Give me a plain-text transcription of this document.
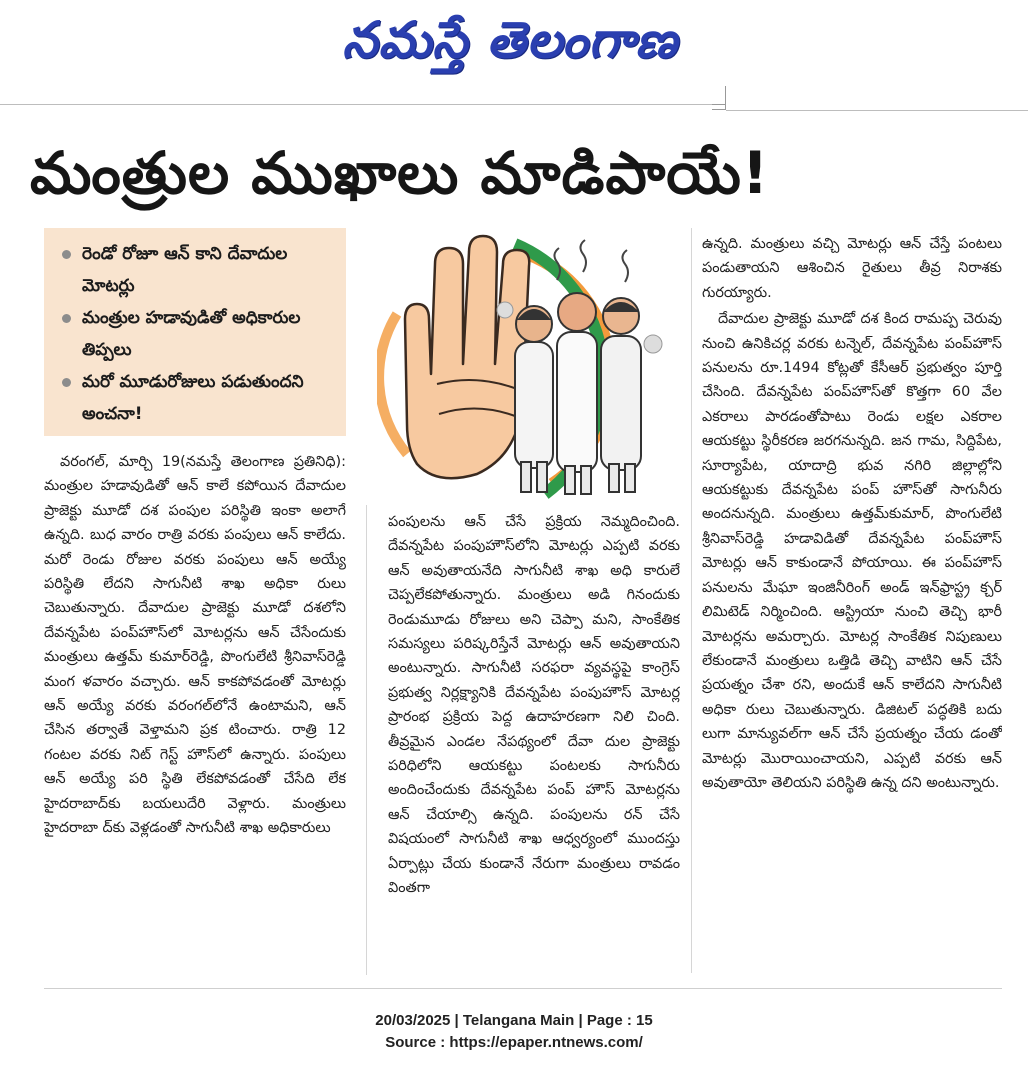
నమస్తే తెలంగాణ
మంత్రుల ముఖాలు మాడిపాయే!
రెండో రోజూ ఆన్ కాని దేవాదుల మోటర్లు
మంత్రుల హడావుడితో అధికారుల తిప్పలు
మరో మూడురోజులు పడుతుందని అంచనా!

వరంగల్, మార్చి 19(నమస్తే తెలంగాణ ప్రతినిధి): మంత్రుల హడావుడితో ఆన్ కాలే కపోయిన దేవాదుల ప్రాజెక్టు మూడో దశ పంపుల పరిస్థితి ఇంకా అలాగే ఉన్నది. బుధ వారం రాత్రి వరకు పంపులు ఆన్ కాలేదు. మరో రెండు రోజుల వరకు పంపులు ఆన్ అయ్యే పరిస్థితి లేదని సాగునీటి శాఖ అధికా రులు చెబుతున్నారు. దేవాదుల ప్రాజెక్టు మూడో దశలోని దేవన్నపేట పంప్‌హౌస్‌లో మోటర్లను ఆన్ చేసేందుకు మంత్రులు ఉత్తమ్ కుమార్‌రెడ్డి, పొంగులేటి శ్రీనివాస్‌రెడ్డి మంగ ళవారం వచ్చారు. ఆన్ కాకపోవడంతో మోటర్లు ఆన్ అయ్యే వరకు వరంగల్‌లోనే ఉంటామని, ఆన్ చేసిన తర్వాతే వెళ్తామని ప్రక టించారు. రాత్రి 12 గంటల వరకు నిట్ గెస్ట్ హౌస్‌లో ఉన్నారు. పంపులు ఆన్ అయ్యే పరి స్థితి లేకపోవడంతో చేసేది లేక హైదరాబాద్‌కు బయలుదేరి వెళ్లారు. మంత్రులు హైదరాబా ద్‌కు వెళ్లడంతో సాగునీటి శాఖ అధికారులు

పంపులను ఆన్ చేసే ప్రక్రియ నెమ్మదించింది. దేవన్నపేట పంపుహౌస్‌లోని మోటర్లు ఎప్పటి వరకు ఆన్ అవుతాయనేది సాగునీటి శాఖ అధి కారులే చెప్పలేకపోతున్నారు. మంత్రులు అడి గినందుకు రెండుమూడు రోజులు అని చెప్పా మని, సాంకేతిక సమస్యలు పరిష్కరిస్తేనే మోటర్లు ఆన్ అవుతాయని అంటున్నారు. సాగునీటి సరఫరా వ్యవస్థపై కాంగ్రెస్ ప్రభుత్వ నిర్లక్ష్యానికి దేవన్నపేట పంపుహౌస్ మోటర్ల ప్రారంభ ప్రక్రియ పెద్ద ఉదాహరణగా నిలి చింది. తీవ్రమైన ఎండల నేపథ్యంలో దేవా దుల ప్రాజెక్టు పరిధిలోని ఆయకట్టు పంటలకు సాగునీరు అందించేందుకు దేవన్నపేట పంప్ హౌస్ మోటర్లను ఆన్ చేయాల్సి ఉన్నది. పంపులను రన్ చేసే విషయంలో సాగునీటి శాఖ ఆధ్వర్యంలో ముందస్తు ఏర్పాట్లు చేయ కుండానే నేరుగా మంత్రులు రావడం వింతగా

ఉన్నది. మంత్రులు వచ్చి మోటర్లు ఆన్ చేస్తే పంటలు పండుతాయని ఆశించిన రైతులు తీవ్ర నిరాశకు గురయ్యారు.

దేవాదుల ప్రాజెక్టు మూడో దశ కింద రామప్ప చెరువు నుంచి ఉనికిచర్ల వరకు టన్నెల్, దేవన్నపేట పంప్‌హౌస్ పనులను రూ.1494 కోట్లతో కేసీఆర్ ప్రభుత్వం పూర్తి చేసింది. దేవన్నపేట పంప్‌హౌస్‌తో కొత్తగా 60 వేల ఎకరాలు పారడంతోపాటు రెండు లక్షల ఎకరాల ఆయకట్టు స్థిరీకరణ జరగనున్నది. జన గామ, సిద్దిపేట, సూర్యాపేట, యాదాద్రి భువ నగిరి జిల్లాల్లోని ఆయకట్టుకు దేవన్నపేట పంప్ హౌస్‌తో సాగునీరు అందనున్నది. మంత్రులు ఉత్తమ్‌కుమార్, పొంగులేటి శ్రీనివాస్‌రెడ్డి హడావిడితో దేవన్నపేట పంప్‌హౌస్ మోటర్లు ఆన్ కాకుండానే పోయాయి. ఈ పంప్‌హౌస్ పనులను మేఘా ఇంజినీరింగ్ అండ్ ఇన్‌ఫ్రాస్ట్ర క్చర్ లిమిటెడ్ నిర్మించింది. ఆస్ట్రియా నుంచి తెచ్చి భారీ మోటర్లను అమర్చారు. మోటర్ల సాంకేతిక నిపుణులు లేకుండానే మంత్రులు ఒత్తిడి తెచ్చి వాటిని ఆన్ చేసే ప్రయత్నం చేశా రని, అందుకే ఆన్ కాలేదని సాగునీటి అధికా రులు చెబుతున్నారు. డిజిటల్ పద్ధతికి బదు లుగా మాన్యువల్‌గా ఆన్ చేసే ప్రయత్నం చేయ డంతో మోటర్లు మొరాయించాయని, ఎప్పటి వరకు ఆన్ అవుతాయో తెలియని పరిస్థితి ఉన్న దని అంటున్నారు.

20/03/2025 | Telangana Main | Page : 15
Source : https://epaper.ntnews.com/
